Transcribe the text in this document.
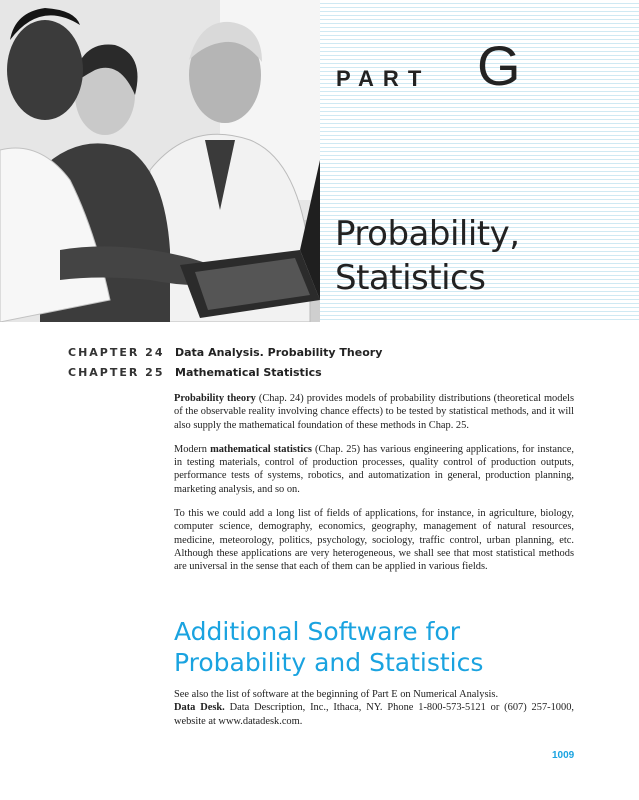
PART G
Probability,
Statistics
CHAPTER 24 Data Analysis. Probability Theory
CHAPTER 25 Mathematical Statistics

Probability theory (Chap. 24) provides models of probability distributions (theoretical models of the observable reality involving chance effects) to be tested by statistical methods, and it will also supply the mathematical foundation of these methods in Chap. 25.

Modern mathematical statistics (Chap. 25) has various engineering applications, for instance, in testing materials, control of production processes, quality control of production outputs, performance tests of systems, robotics, and automatization in general, production planning, marketing analysis, and so on.

To this we could add a long list of fields of applications, for instance, in agriculture, biology, computer science, demography, economics, geography, management of natural resources, medicine, meteorology, politics, psychology, sociology, traffic control, urban planning, etc. Although these applications are very heterogeneous, we shall see that most statistical methods are universal in the sense that each of them can be applied in various fields.

Additional Software for
Probability and Statistics

See also the list of software at the beginning of Part E on Numerical Analysis.

Data Desk. Data Description, Inc., Ithaca, NY. Phone 1-800-573-5121 or (607) 257-1000, website at www.datadesk.com.

1009
